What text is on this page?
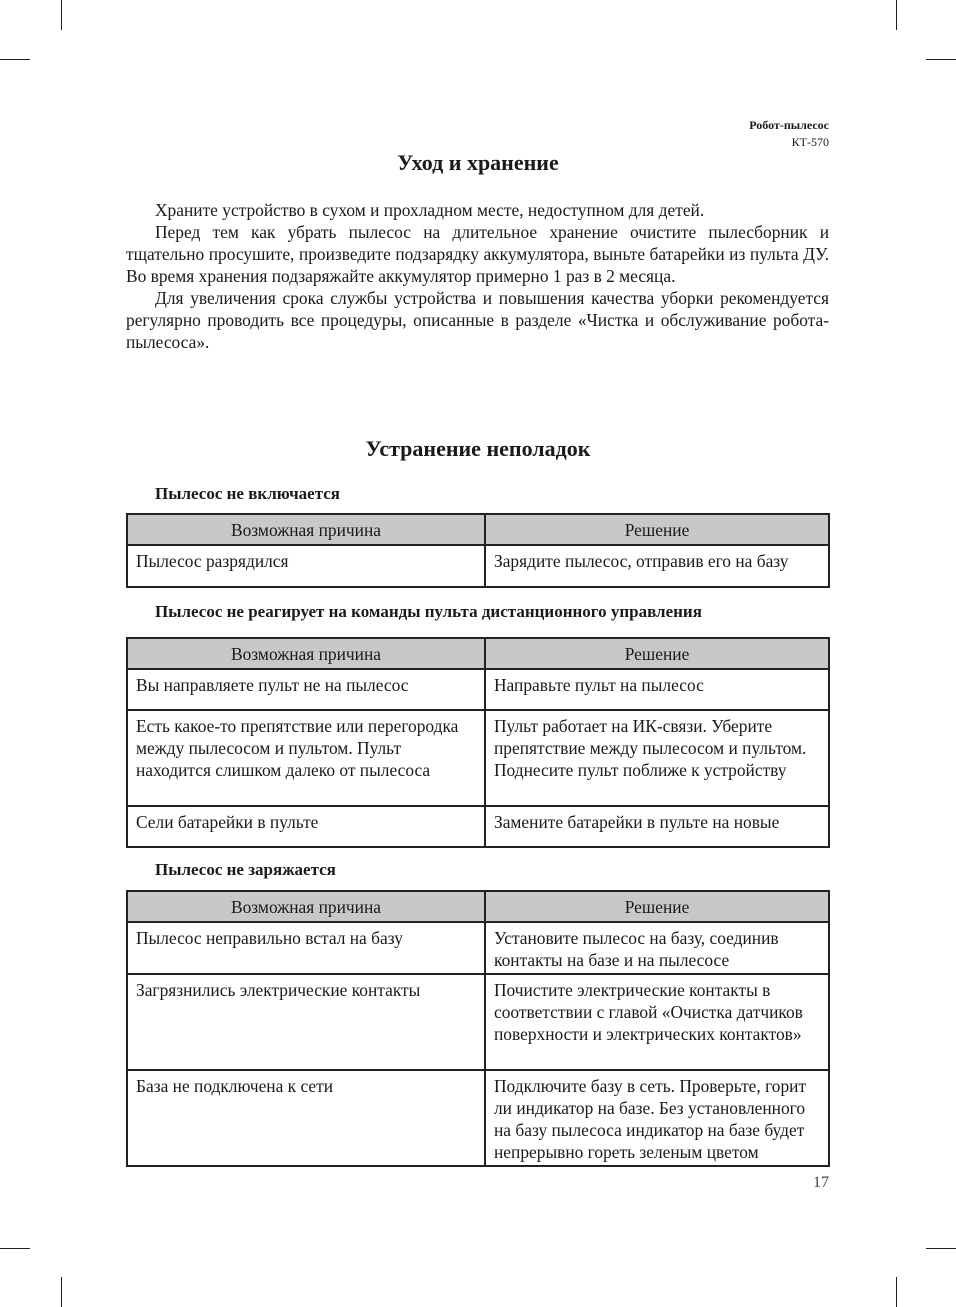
Робот-пылесос
КТ-570
Уход и хранение

Храните устройство в сухом и прохладном месте, недоступном для детей.

Перед тем как убрать пылесос на длительное хранение очистите пылесборник и тщательно просушите, произведите подзарядку аккумулятора, выньте батарейки из пульта ДУ. Во время хранения подзаряжайте аккумулятор примерно 1 раз в 2 месяца.

Для увеличения срока службы устройства и повышения качества уборки рекомендуется регулярно проводить все процедуры, описанные в разделе «Чистка и обслуживание робота-пылесоса».

Устранение неполадок
Пылесос не включается
Возможная причина	Решение
Пылесос разрядился	Зарядите пылесос, отправив его на базу
Пылесос не реагирует на команды пульта дистанционного управления
Возможная причина	Решение
Вы направляете пульт не на пылесос	Направьте пульт на пылесос
Есть какое-то препятствие или перегородка между пылесосом и пультом. Пульт находится слишком далеко от пылесоса	Пульт работает на ИК-связи. Уберите препятствие между пылесосом и пультом. Поднесите пульт поближе к устройству
Сели батарейки в пульте	Замените батарейки в пульте на новые
Пылесос не заряжается
Возможная причина	Решение
Пылесос неправильно встал на базу	Установите пылесос на базу, соединив контакты на базе и на пылесосе
Загрязнились электрические контакты	Почистите электрические контакты в соответствии с главой «Очистка датчиков поверхности и электрических контактов»
База не подключена к сети	Подключите базу в сеть. Проверьте, горит ли индикатор на базе. Без установленного на базу пылесоса индикатор на базе будет непрерывно гореть зеленым цветом
17
